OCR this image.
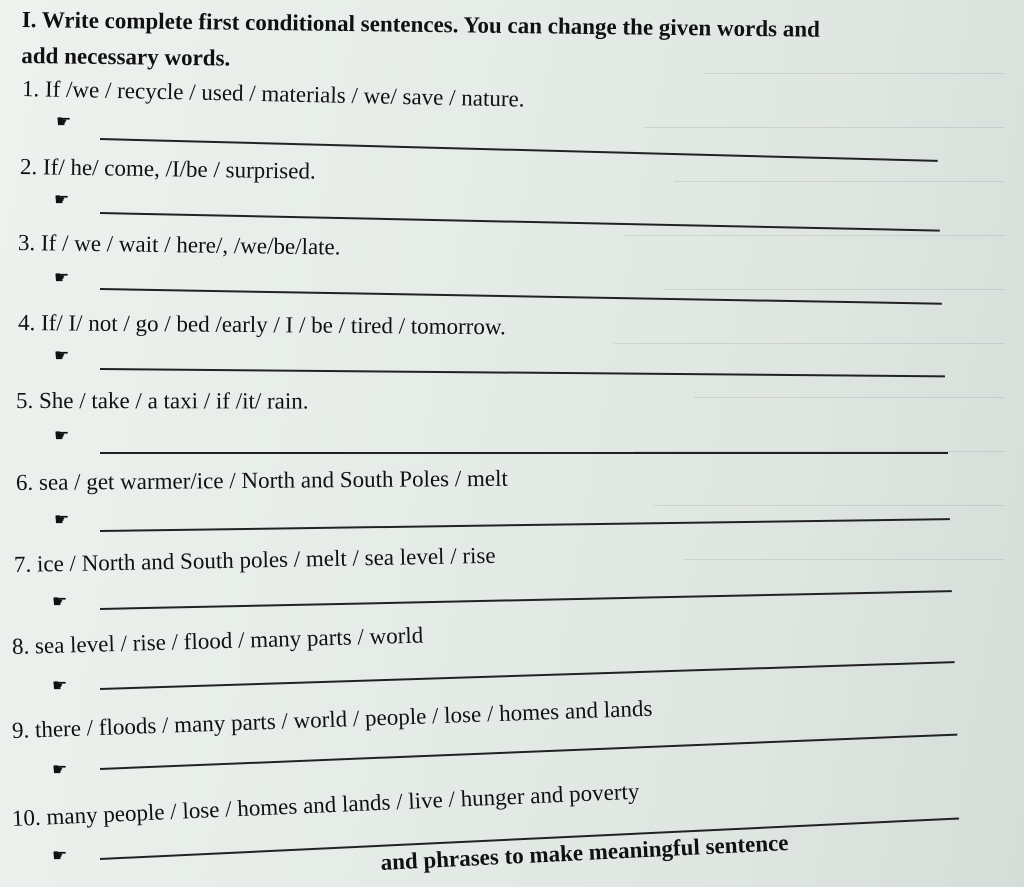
I. Write complete first conditional sentences. You can change the given words and
add necessary words.
1. If /we / recycle / used / materials / we/ save / nature.
☛
2. If/ he/ come, /I/be / surprised.
☛
3. If / we / wait / here/, /we/be/late.
☛
4. If/ I/ not / go / bed /early / I / be / tired / tomorrow.
☛
5. She / take / a taxi / if /it/ rain.
☛
6. sea / get warmer/ice / North and South Poles / melt
☛
7. ice / North and South poles / melt / sea level / rise
☛
8. sea level / rise / flood / many parts / world
☛
9. there / floods / many parts / world / people / lose / homes and lands
☛
10. many people / lose / homes and lands / live / hunger and poverty
☛	and phrases to make meaningful sentence
